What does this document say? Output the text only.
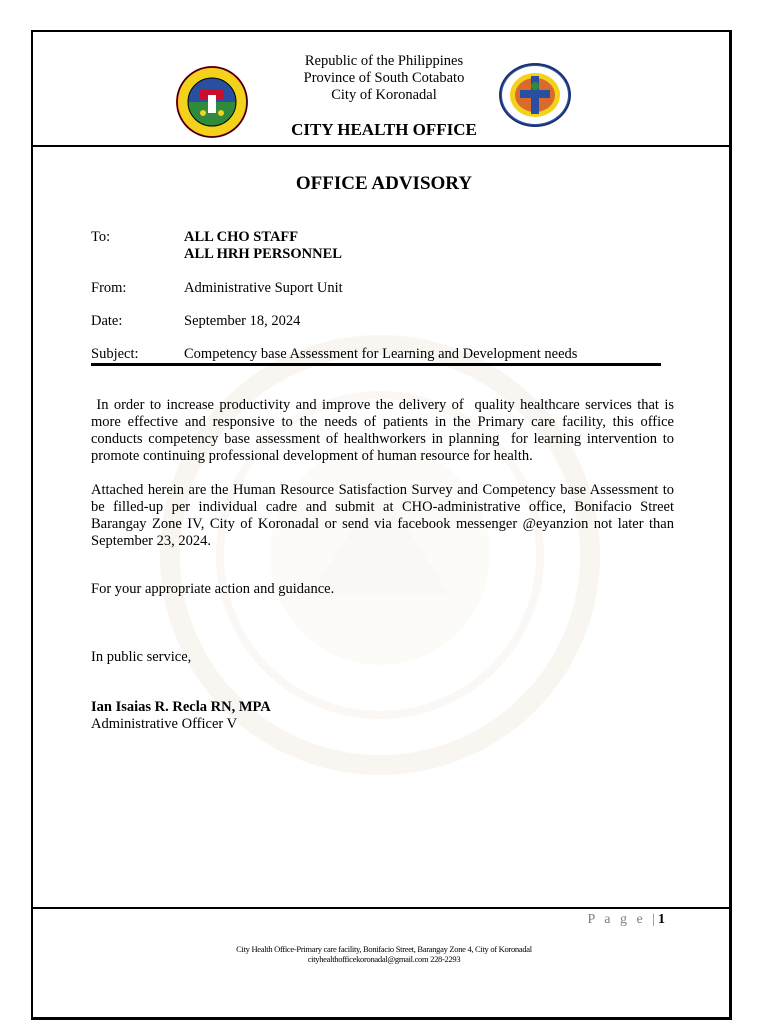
Republic of the Philippines
Province of South Cotabato
City of Koronadal
CITY HEALTH OFFICE
OFFICE ADVISORY
To:	ALL CHO STAFF
ALL HRH PERSONNEL
From:	Administrative Suport Unit
Date:	September 18, 2024
Subject:	Competency base Assessment for Learning and Development needs
In order to increase productivity and improve the delivery of  quality healthcare services that is more effective and responsive to the needs of patients in the Primary care facility, this office conducts competency base assessment of healthworkers in planning  for learning intervention to promote continuing professional development of human resource for health.
Attached herein are the Human Resource Satisfaction Survey and Competency base Assessment to be filled-up per individual cadre and submit at CHO-administrative office, Bonifacio Street Barangay Zone IV, City of Koronadal or send via facebook messenger @eyanzion not later than September 23, 2024.
For your appropriate action and guidance.
In public service,
Ian Isaias R. Recla RN, MPA
Administrative Officer V
P a g e |1
City Health Office-Primary care facility, Bonifacio Street, Barangay Zone 4, City of Koronadal
cityhealthofficekoronadal@gmail.com 228-2293
